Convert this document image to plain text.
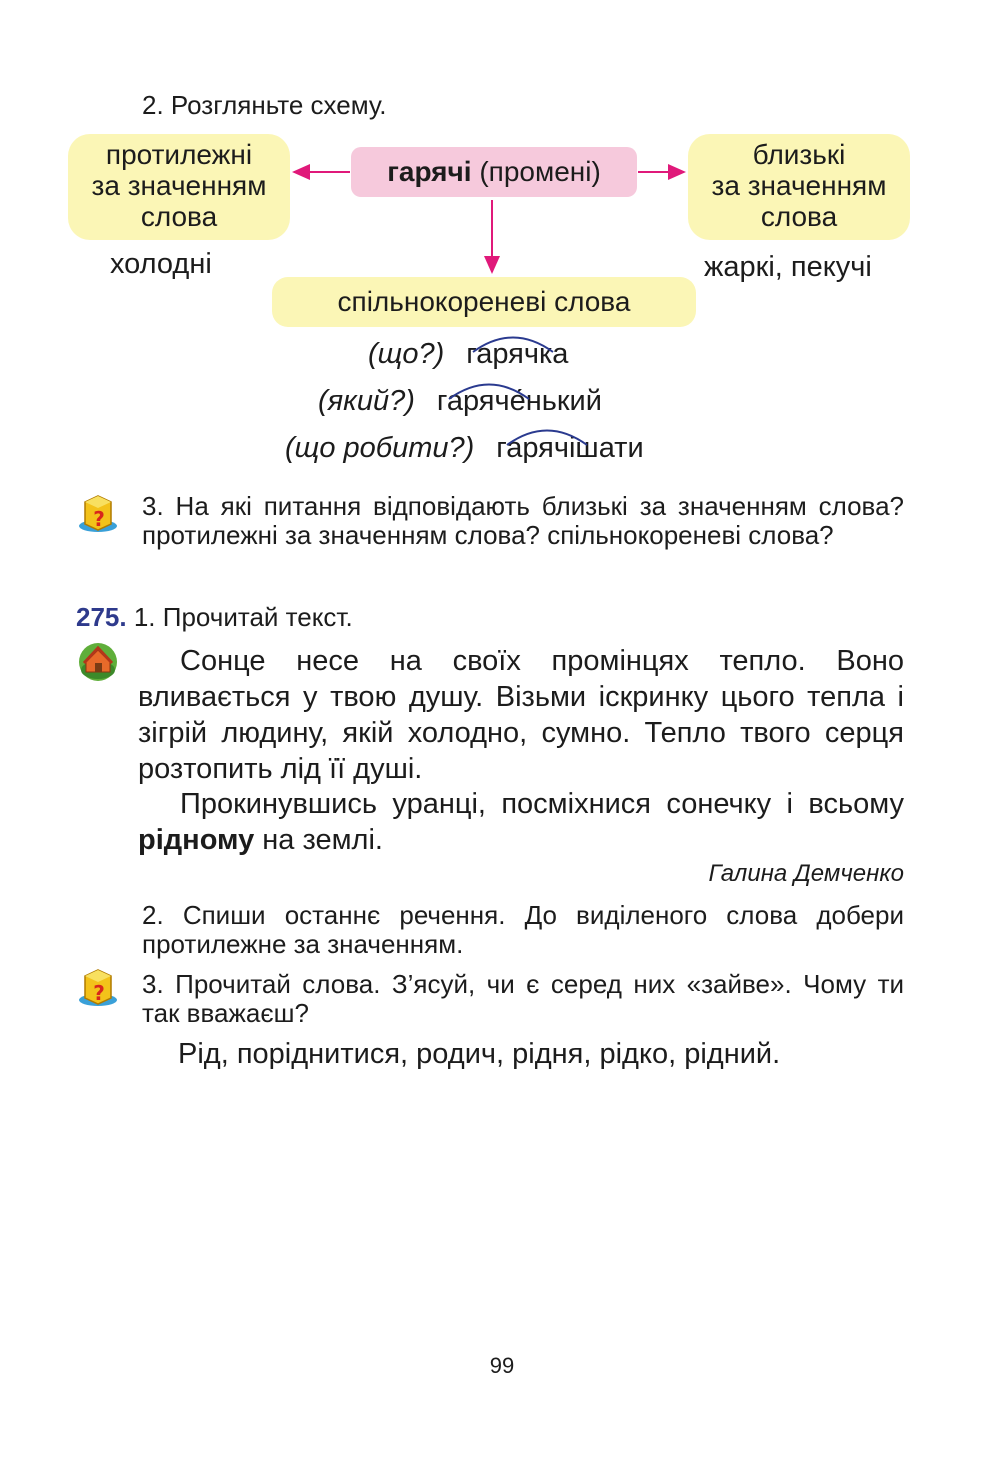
2. Розгляньте схему.
протилежні
за значенням
слова
гарячі (промені)
близькі
за значенням
слова
холодні	жаркі, пекучі
спільнокореневі слова
(що?) гарячка
(який?) гаряче́нький
(що робити?) гарячішати
? 3. На які питання відповідають близькі за значенням слова? протилежні за значенням слова? спільнокореневі слова?
275. 1. Прочитай текст.
Сонце несе на своїх промінцях тепло. Воно вливається у твою душу. Візьми іскринку цього тепла і зігрій людину, якій холодно, сумно. Тепло твого серця розтопить лід її душі.
Прокинувшись уранці, посміхнися сонечку і всьому рідному на землі.
Галина Демченко
2. Спиши останнє речення. До виділеного слова добери протилежне за значенням.
? 3. Прочитай слова. З’ясуй, чи є серед них «зайве». Чому ти так вважаєш?
Рід, поріднитися, родич, рідня, рідко, рідний.
99
